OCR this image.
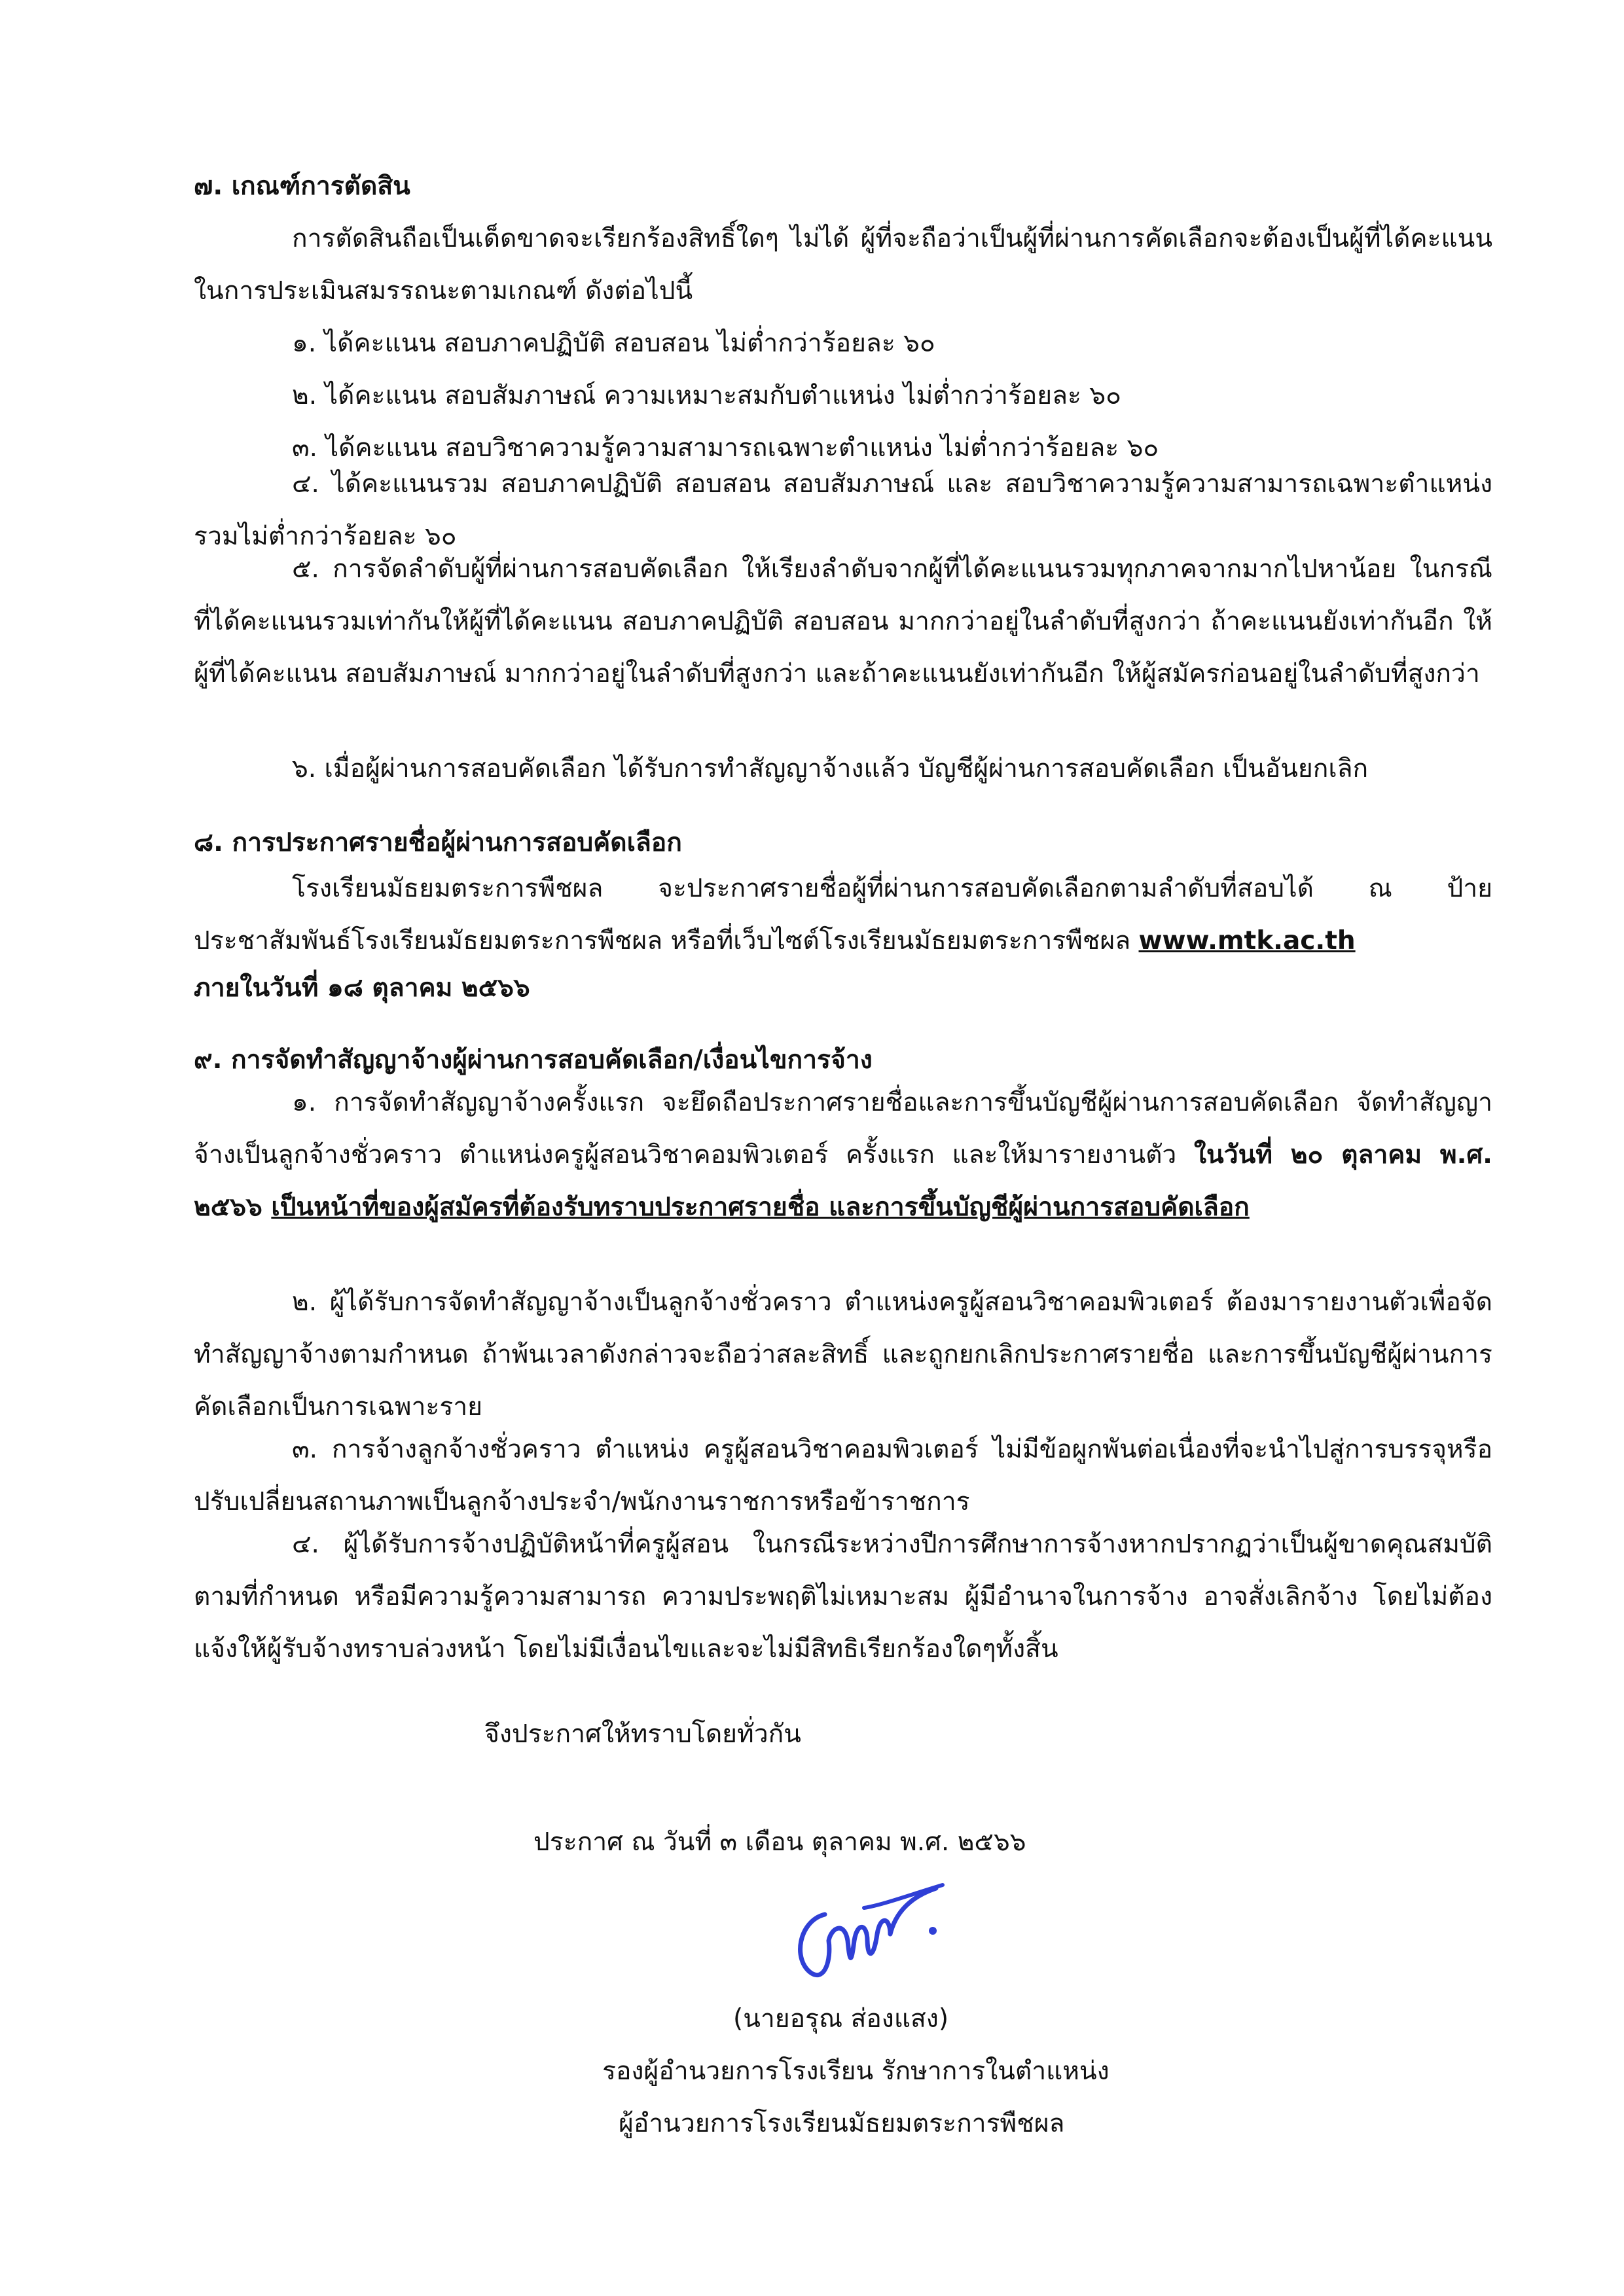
๗. เกณฑ์การตัดสิน

การตัดสินถือเป็นเด็ดขาดจะเรียกร้องสิทธิ์ใดๆ ไม่ได้ ผู้ที่จะถือว่าเป็นผู้ที่ผ่านการคัดเลือกจะต้องเป็นผู้ที่ได้คะแนนในการประเมินสมรรถนะตามเกณฑ์ ดังต่อไปนี้

๑. ได้คะแนน สอบภาคปฏิบัติ สอบสอน ไม่ต่ำกว่าร้อยละ ๖๐

๒. ได้คะแนน สอบสัมภาษณ์ ความเหมาะสมกับตำแหน่ง ไม่ต่ำกว่าร้อยละ ๖๐

๓. ได้คะแนน สอบวิชาความรู้ความสามารถเฉพาะตำแหน่ง ไม่ต่ำกว่าร้อยละ ๖๐

๔. ได้คะแนนรวม สอบภาคปฏิบัติ สอบสอน สอบสัมภาษณ์ และ สอบวิชาความรู้ความสามารถเฉพาะตำแหน่ง รวมไม่ต่ำกว่าร้อยละ ๖๐

๕. การจัดลำดับผู้ที่ผ่านการสอบคัดเลือก ให้เรียงลำดับจากผู้ที่ได้คะแนนรวมทุกภาคจากมากไปหาน้อย ในกรณีที่ได้คะแนนรวมเท่ากันให้ผู้ที่ได้คะแนน สอบภาคปฏิบัติ สอบสอน มากกว่าอยู่ในลำดับที่สูงกว่า ถ้าคะแนนยังเท่ากันอีก ให้ผู้ที่ได้คะแนน สอบสัมภาษณ์ มากกว่าอยู่ในลำดับที่สูงกว่า และถ้าคะแนนยังเท่ากันอีก ให้ผู้สมัครก่อนอยู่ในลำดับที่สูงกว่า

๖. เมื่อผู้ผ่านการสอบคัดเลือก ได้รับการทำสัญญาจ้างแล้ว บัญชีผู้ผ่านการสอบคัดเลือก เป็นอันยกเลิก

๘. การประกาศรายชื่อผู้ผ่านการสอบคัดเลือก

โรงเรียนมัธยมตระการพืชผล จะประกาศรายชื่อผู้ที่ผ่านการสอบคัดเลือกตามลำดับที่สอบได้ ณ ป้ายประชาสัมพันธ์โรงเรียนมัธยมตระการพืชผล หรือที่เว็บไซต์โรงเรียนมัธยมตระการพืชผล www.mtk.ac.th

ภายในวันที่ ๑๘ ตุลาคม ๒๕๖๖

๙. การจัดทำสัญญาจ้างผู้ผ่านการสอบคัดเลือก/เงื่อนไขการจ้าง

๑. การจัดทำสัญญาจ้างครั้งแรก จะยึดถือประกาศรายชื่อและการขึ้นบัญชีผู้ผ่านการสอบคัดเลือก จัดทำสัญญาจ้างเป็นลูกจ้างชั่วคราว ตำแหน่งครูผู้สอนวิชาคอมพิวเตอร์ ครั้งแรก และให้มารายงานตัว ในวันที่ ๒๐ ตุลาคม พ.ศ. ๒๕๖๖ เป็นหน้าที่ของผู้สมัครที่ต้องรับทราบประกาศรายชื่อ และการขึ้นบัญชีผู้ผ่านการสอบคัดเลือก

๒. ผู้ได้รับการจัดทำสัญญาจ้างเป็นลูกจ้างชั่วคราว ตำแหน่งครูผู้สอนวิชาคอมพิวเตอร์ ต้องมารายงานตัวเพื่อจัดทำสัญญาจ้างตามกำหนด ถ้าพ้นเวลาดังกล่าวจะถือว่าสละสิทธิ์ และถูกยกเลิกประกาศรายชื่อ และการขึ้นบัญชีผู้ผ่านการคัดเลือกเป็นการเฉพาะราย

๓. การจ้างลูกจ้างชั่วคราว ตำแหน่ง ครูผู้สอนวิชาคอมพิวเตอร์ ไม่มีข้อผูกพันต่อเนื่องที่จะนำไปสู่การบรรจุหรือปรับเปลี่ยนสถานภาพเป็นลูกจ้างประจำ/พนักงานราชการหรือข้าราชการ

๔. ผู้ได้รับการจ้างปฏิบัติหน้าที่ครูผู้สอน ในกรณีระหว่างปีการศึกษาการจ้างหากปรากฏว่าเป็นผู้ขาดคุณสมบัติตามที่กำหนด หรือมีความรู้ความสามารถ ความประพฤติไม่เหมาะสม ผู้มีอำนาจในการจ้าง อาจสั่งเลิกจ้าง โดยไม่ต้องแจ้งให้ผู้รับจ้างทราบล่วงหน้า โดยไม่มีเงื่อนไขและจะไม่มีสิทธิเรียกร้องใดๆทั้งสิ้น

จึงประกาศให้ทราบโดยทั่วกัน

ประกาศ ณ วันที่ ๓ เดือน ตุลาคม พ.ศ. ๒๕๖๖

(นายอรุณ ส่องแสง)

รองผู้อำนวยการโรงเรียน รักษาการในตำแหน่ง

ผู้อำนวยการโรงเรียนมัธยมตระการพืชผล
